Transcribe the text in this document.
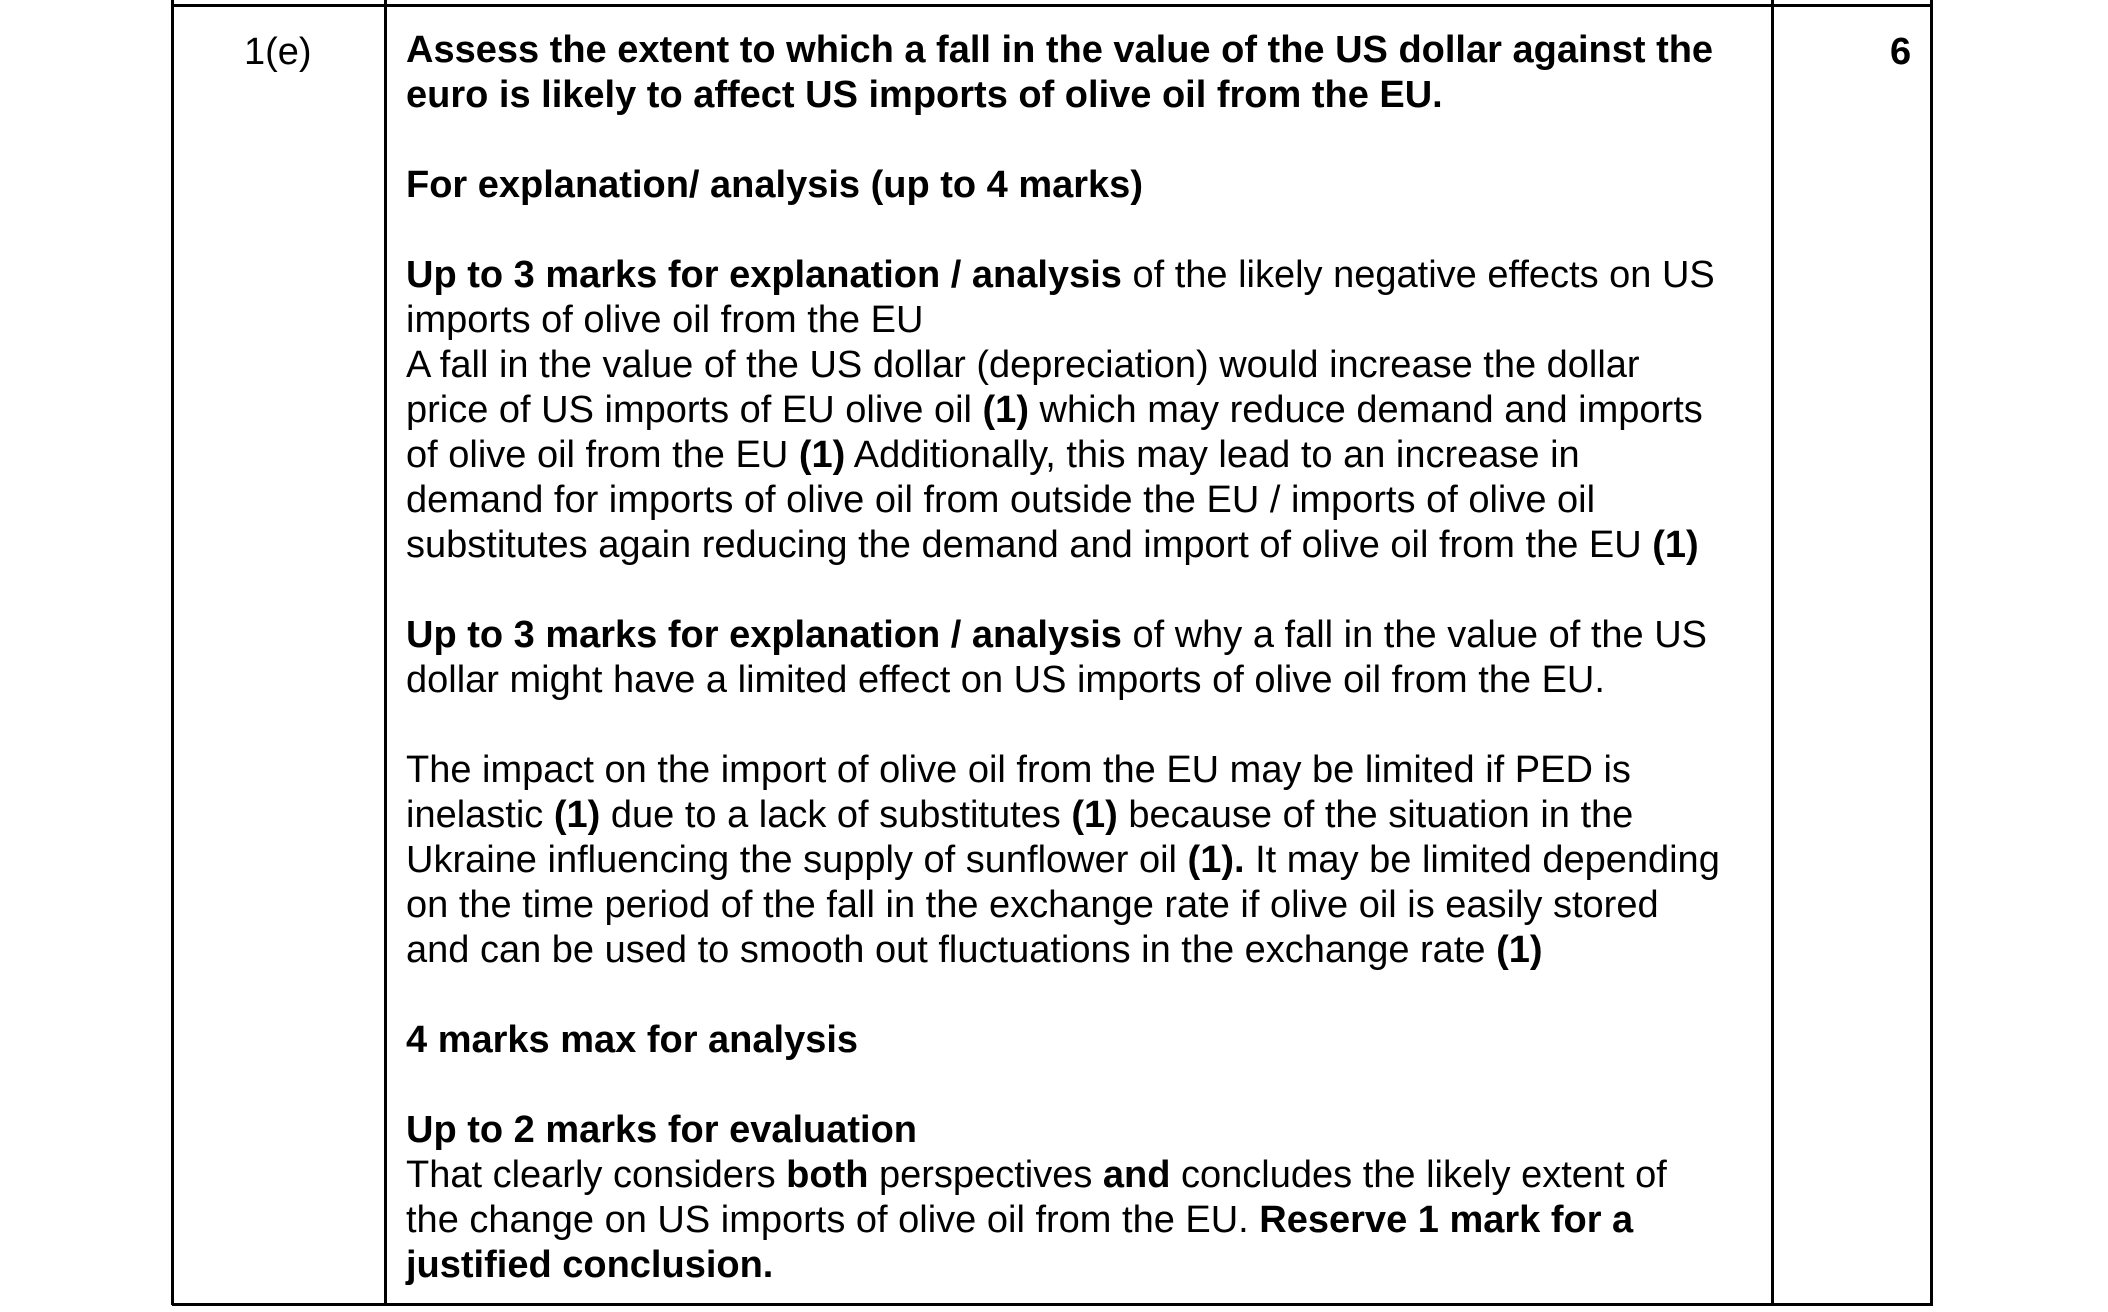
1(e)	6

Assess the extent to which a fall in the value of the US dollar against the
euro is likely to affect US imports of olive oil from the EU.

For explanation/ analysis (up to 4 marks)

Up to 3 marks for explanation / analysis of the likely negative effects on US
imports of olive oil from the EU
A fall in the value of the US dollar (depreciation) would increase the dollar
price of US imports of EU olive oil (1) which may reduce demand and imports
of olive oil from the EU (1) Additionally, this may lead to an increase in
demand for imports of olive oil from outside the EU / imports of olive oil
substitutes again reducing the demand and import of olive oil from the EU (1)

Up to 3 marks for explanation / analysis of why a fall in the value of the US
dollar might have a limited effect on US imports of olive oil from the EU.

The impact on the import of olive oil from the EU may be limited if PED is
inelastic (1) due to a lack of substitutes (1) because of the situation in the
Ukraine influencing the supply of sunflower oil (1). It may be limited depending
on the time period of the fall in the exchange rate if olive oil is easily stored
and can be used to smooth out fluctuations in the exchange rate (1)

4 marks max for analysis

Up to 2 marks for evaluation
That clearly considers both perspectives and concludes the likely extent of
the change on US imports of olive oil from the EU. Reserve 1 mark for a
justified conclusion.
